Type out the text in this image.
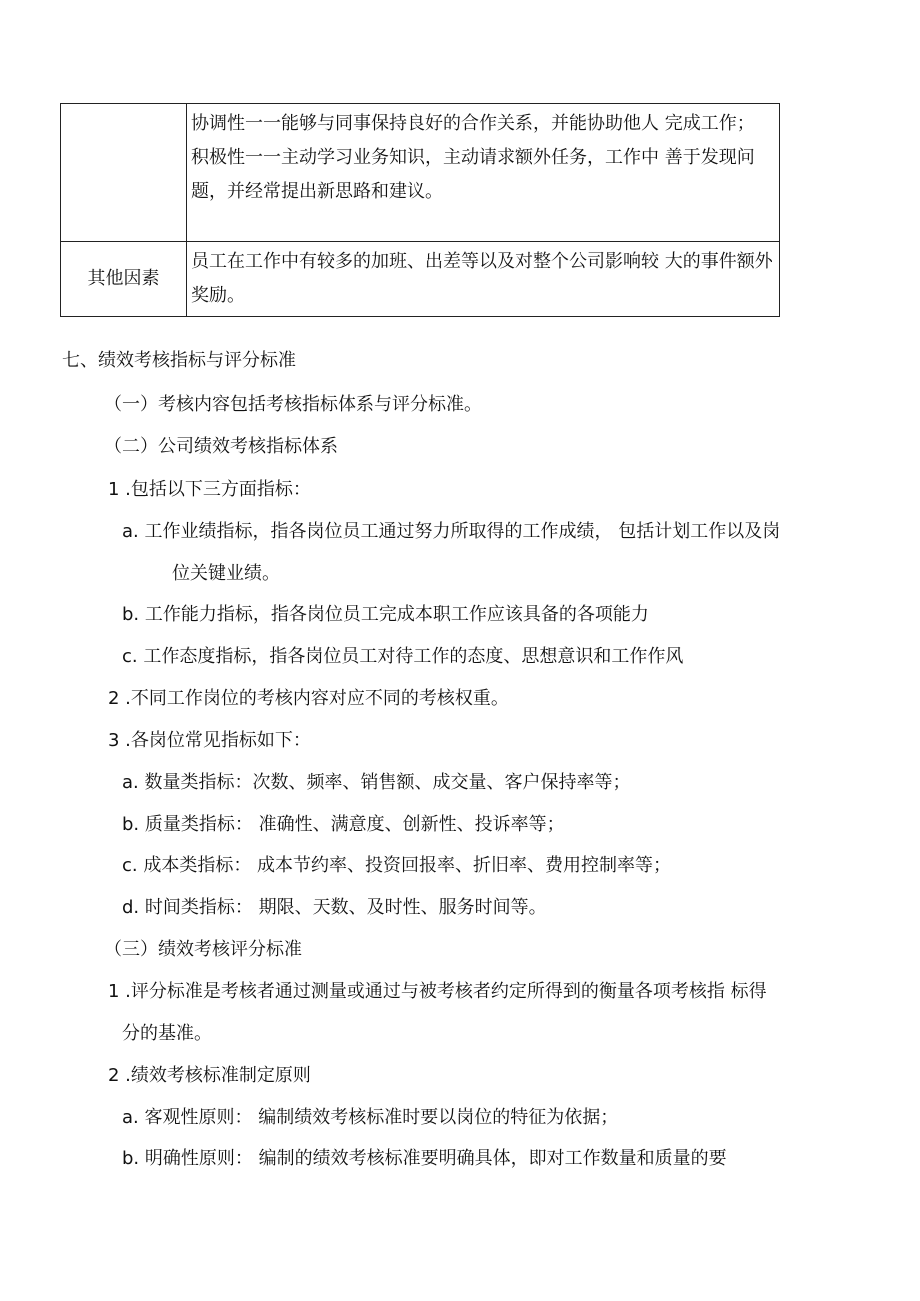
	协调性一一能够与同事保持良好的合作关系，并能协助他人 完成工作；
积极性一一主动学习业务知识，主动请求额外任务，工作中 善于发现问题，并经常提出新思路和建议。

其他因素	员工在工作中有较多的加班、出差等以及对整个公司影响较 大的事件额外奖励。
七、绩效考核指标与评分标准
（一）考核内容包括考核指标体系与评分标准。
（二）公司绩效考核指标体系
1 .包括以下三方面指标：
a. 工作业绩指标，指各岗位员工通过努力所取得的工作成绩， 包括计划工作以及岗
位关键业绩。
b. 工作能力指标，指各岗位员工完成本职工作应该具备的各项能力
c. 工作态度指标，指各岗位员工对待工作的态度、思想意识和工作作风
2 .不同工作岗位的考核内容对应不同的考核权重。
3 .各岗位常见指标如下：
a. 数量类指标：次数、频率、销售额、成交量、客户保持率等；
b. 质量类指标： 准确性、满意度、创新性、投诉率等；
c. 成本类指标： 成本节约率、投资回报率、折旧率、费用控制率等；
d. 时间类指标： 期限、天数、及时性、服务时间等。
（三）绩效考核评分标准
1 .评分标准是考核者通过测量或通过与被考核者约定所得到的衡量各项考核指 标得
分的基准。
2 .绩效考核标准制定原则
a. 客观性原则： 编制绩效考核标准时要以岗位的特征为依据；
b. 明确性原则： 编制的绩效考核标准要明确具体，即对工作数量和质量的要
